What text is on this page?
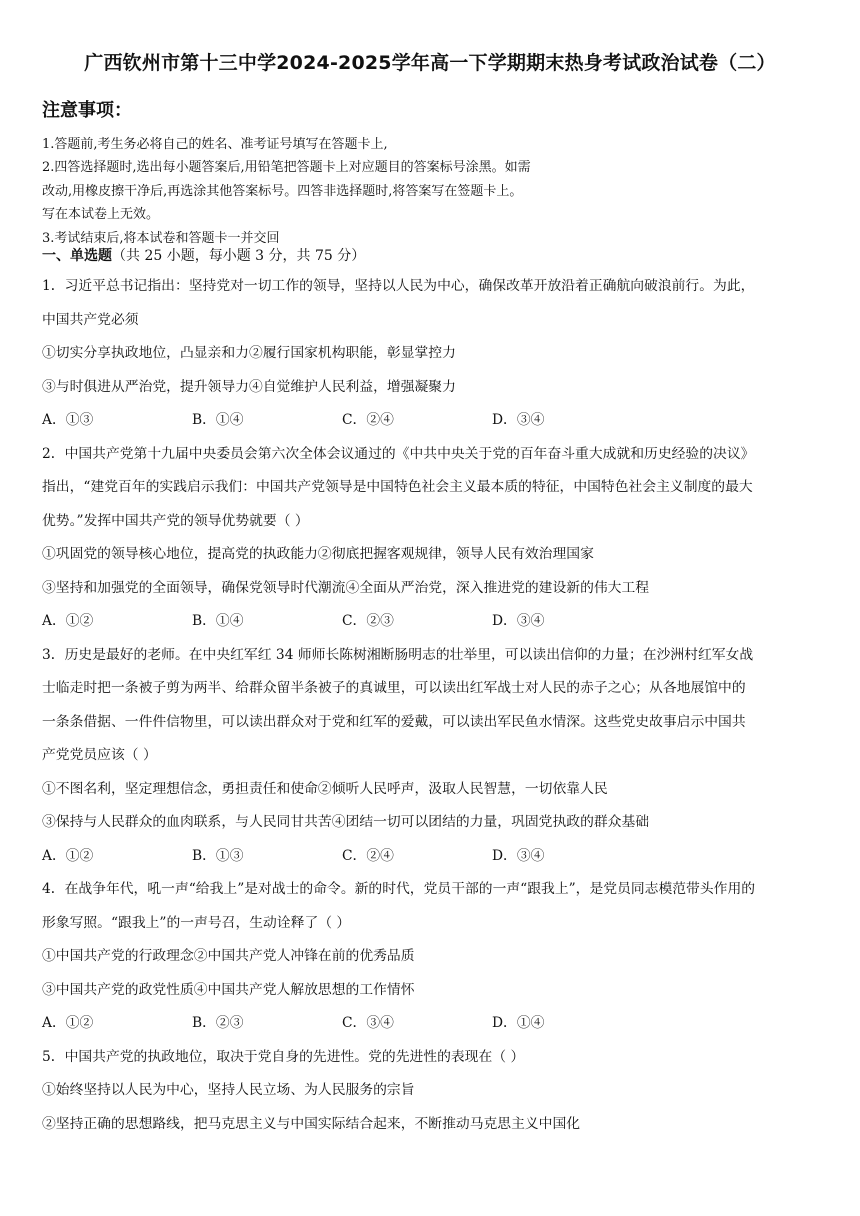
广西钦州市第十三中学2024-2025学年高一下学期期末热身考试政治试卷（二）
注意事项：
1.答题前,考生务必将自己的姓名、准考证号填写在答题卡上,
2.四答选择题时,选出每小题答案后,用铅笔把答题卡上对应题目的答案标号涂黑。如需
改动,用橡皮擦干净后,再选涂其他答案标号。四答非选择题时,将答案写在签题卡上。
写在本试卷上无效。
3.考试结束后,将本试卷和答题卡一并交回
一、单选题（共 25 小题，每小题 3 分，共 75 分）
1．习近平总书记指出：坚持党对一切工作的领导，坚持以人民为中心，确保改革开放沿着正确航向破浪前行。为此，
中国共产党必须
①切实分享执政地位，凸显亲和力②履行国家机构职能，彰显掌控力
③与时俱进从严治党，提升领导力④自觉维护人民利益，增强凝聚力
A．①③	B．①④	C．②④	D．③④
2．中国共产党第十九届中央委员会第六次全体会议通过的《中共中央关于党的百年奋斗重大成就和历史经验的决议》
指出，“建党百年的实践启示我们：中国共产党领导是中国特色社会主义最本质的特征，中国特色社会主义制度的最大
优势。”发挥中国共产党的领导优势就要（ ）
①巩固党的领导核心地位，提高党的执政能力②彻底把握客观规律，领导人民有效治理国家
③坚持和加强党的全面领导，确保党领导时代潮流④全面从严治党，深入推进党的建设新的伟大工程
A．①②	B．①④	C．②③	D．③④
3．历史是最好的老师。在中央红军红 34 师师长陈树湘断肠明志的壮举里，可以读出信仰的力量；在沙洲村红军女战
士临走时把一条被子剪为两半、给群众留半条被子的真诚里，可以读出红军战士对人民的赤子之心；从各地展馆中的
一条条借据、一件件信物里，可以读出群众对于党和红军的爱戴，可以读出军民鱼水情深。这些党史故事启示中国共
产党党员应该（ ）
①不图名利，坚定理想信念，勇担责任和使命②倾听人民呼声，汲取人民智慧，一切依靠人民
③保持与人民群众的血肉联系，与人民同甘共苦④团结一切可以团结的力量，巩固党执政的群众基础
A．①②	B．①③	C．②④	D．③④
4．在战争年代，吼一声“给我上”是对战士的命令。新的时代，党员干部的一声“跟我上”，是党员同志模范带头作用的
形象写照。“跟我上”的一声号召，生动诠释了（ ）
①中国共产党的行政理念②中国共产党人冲锋在前的优秀品质
③中国共产党的政党性质④中国共产党人解放思想的工作情怀
A．①②	B．②③	C．③④	D．①④
5．中国共产党的执政地位，取决于党自身的先进性。党的先进性的表现在（ ）
①始终坚持以人民为中心，坚持人民立场、为人民服务的宗旨
②坚持正确的思想路线，把马克思主义与中国实际结合起来，不断推动马克思主义中国化
